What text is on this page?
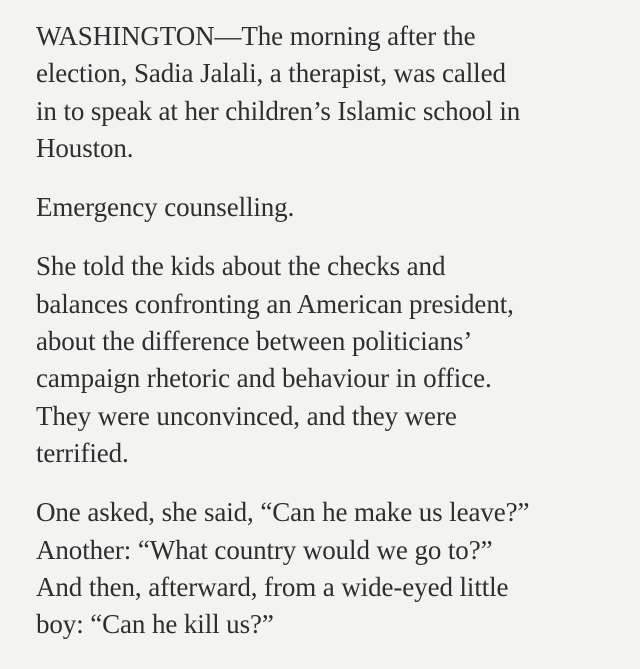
WASHINGTON—The morning after the
election, Sadia Jalali, a therapist, was called
in to speak at her children’s Islamic school in
Houston.

Emergency counselling.

She told the kids about the checks and
balances confronting an American president,
about the difference between politicians’
campaign rhetoric and behaviour in office.
They were unconvinced, and they were
terrified.

One asked, she said, “Can he make us leave?”
Another: “What country would we go to?”
And then, afterward, from a wide-eyed little
boy: “Can he kill us?”
